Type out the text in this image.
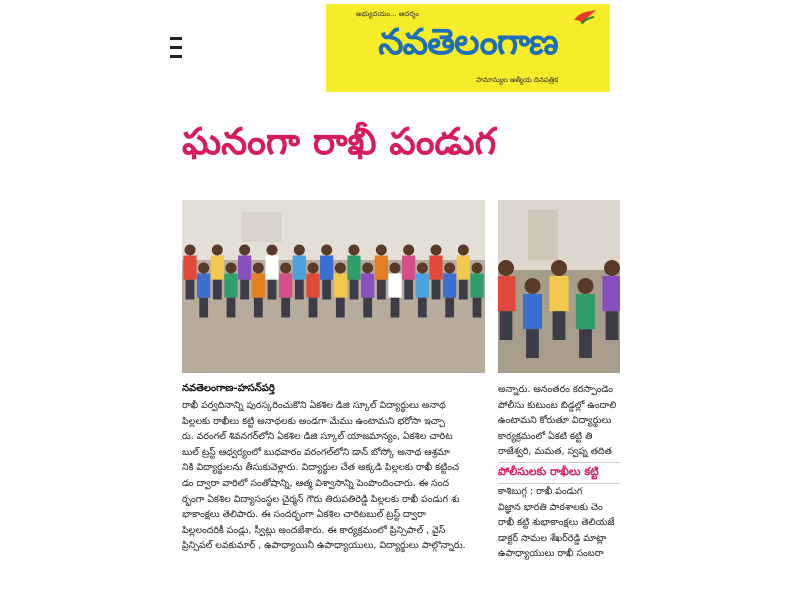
అభ్యుదయం... ఆదర్శం
నవతెలంగాణ
సామాన్యుల ఆత్మీయ దినపత్రిక
ఘనంగా రాఖీ పండుగ
నవతెలంగాణ-హసన్‌పర్తి

రాఖీ పర్వదినాన్ని పురస్కరించుకొని ఏకశిల డిజి స్కూల్ విద్యార్థులు అనాథ

పిల్లలకు రాఖీలు కట్టి అనాథలకు అండగా మేము ఉంటామని భరోసా ఇచ్చా

రు. వరంగల్ శివనగర్‌లోని ఏకశిల డిజి స్కూల్ యాజమాన్యం, ఏకశిల చారిట

బుల్ ట్రస్ట్ ఆధ్వర్యంలో బుధవారం వరంగల్‌లోని డాన్ బోస్కో అనాథ ఆశ్రమా

నికి విద్యార్థులను తీసుకువెళ్లారు. విద్యార్థుల చేత అక్కడి పిల్లలకు రాఖీ కట్టించ

డం ద్వారా వారిలో సంతోషాన్ని, ఆత్మ విశ్వాసాన్ని పెంపొందించారు. ఈ సంద

ర్భంగా ఏకశిల విద్యాసంస్థల చైర్మన్ గౌరు తిరుపతిరెడ్డి పిల్లలకు రాఖీ పండుగ శు

భాకాంక్షలు తెలిపారు. ఈ సందర్భంగా ఏకశిల చారిటబుల్ ట్రస్ట్ ద్వారా

పిల్లలందరికీ పండ్లు, స్వీట్లు అందజేశారు. ఈ కార్యక్రమంలో ప్రిన్సిపాల్ , వైస్

ప్రిన్సిపల్ లవకుమార్ , ఉపాధ్యాయినీ ఉపాధ్యాయులు, విద్యార్థులు పాల్గొన్నారు.

అన్నారు. అనంతరం కరస్పాండెం

పోలీసు కుటుంబ బిడ్డల్లో ఉందాలి

ఉంటామని కోరుతూ విద్యార్థులు

కార్యక్రమంలో ఏకటి కట్టి తి

రాజేశ్వరి, మమత, స్వప్న తదిత

పోలీసులకు రాఖీలు కట్టి

కాశిబుగ్గ : రాఖీ పండుగ

విజ్ఞాన భారతి పాఠశాలకు చెం

రాఖీ కట్టి శుభాకాంక్షలు తెలియజే

డాక్టర్ సామల శేఖర్‌రెడ్డి మాట్లా

ఉపాధ్యాయులు రాఖీ సంబరా
